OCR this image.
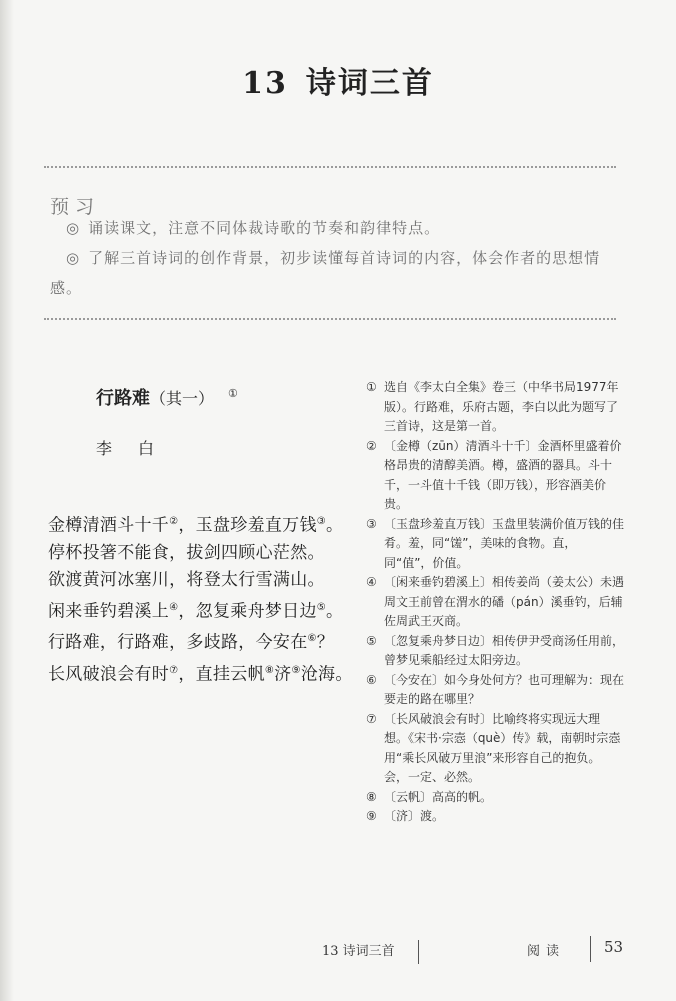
13 诗词三首
预习
◎ 诵读课文，注意不同体裁诗歌的节奏和韵律特点。
◎ 了解三首诗词的创作背景，初步读懂每首诗词的内容，体会作者的思想情感。
行路难（其一） ①
李白
金樽清酒斗十千②，玉盘珍羞直万钱③。
停杯投箸不能食，拔剑四顾心茫然。
欲渡黄河冰塞川，将登太行雪满山。
闲来垂钓碧溪上④，忽复乘舟梦日边⑤。
行路难，行路难，多歧路，今安在⑥？
长风破浪会有时⑦，直挂云帆⑧济⑨沧海。
① 选自《李太白全集》卷三（中华书局1977年版）。行路难，乐府古题，李白以此为题写了三首诗，这是第一首。
② 〔金樽（zūn）清酒斗十千〕金酒杯里盛着价格昂贵的清醇美酒。樽，盛酒的器具。斗十千，一斗值十千钱（即万钱），形容酒美价贵。
③ 〔玉盘珍羞直万钱〕玉盘里装满价值万钱的佳肴。羞，同“馐”，美味的食物。直，同“值”，价值。
④ 〔闲来垂钓碧溪上〕相传姜尚（姜太公）未遇周文王前曾在渭水的磻（pán）溪垂钓，后辅佐周武王灭商。
⑤ 〔忽复乘舟梦日边〕相传伊尹受商汤任用前，曾梦见乘船经过太阳旁边。
⑥ 〔今安在〕如今身处何方？也可理解为：现在要走的路在哪里？
⑦ 〔长风破浪会有时〕比喻终将实现远大理想。《宋书·宗悫（què）传》载，南朝时宗悫用“乘长风破万里浪”来形容自己的抱负。会，一定、必然。
⑧ 〔云帆〕高高的帆。
⑨ 〔济〕渡。
13 诗词三首	阅读	53
